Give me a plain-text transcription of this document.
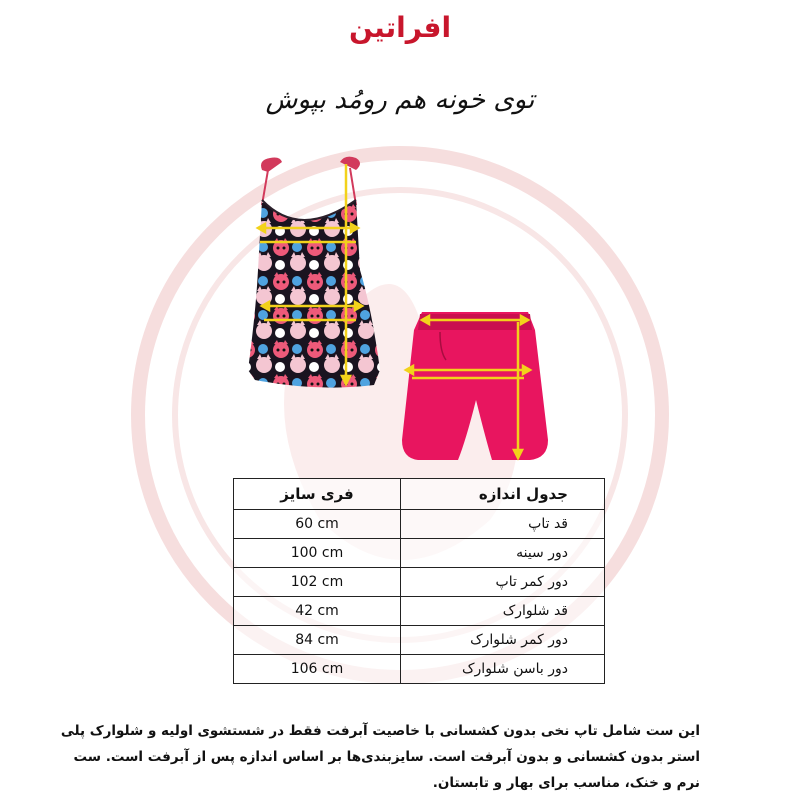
افراتین
توی خونه هم رومُد بپوش
فری سایز	جدول اندازه
60 cm	قد تاپ
100 cm	دور سینه
102 cm	دور کمر تاپ
42 cm	قد شلوارک
84 cm	دور کمر شلوارک
106 cm	دور باسن شلوارک
این ست شامل تاپ نخی بدون کشسانی با خاصیت آبرفت فقط در شستشوی اولیه و شلوارک پلی استر بدون کشسانی و بدون آبرفت است. سایزبندی‌ها بر اساس اندازه پس از آبرفت است. ست نرم و خنک، مناسب برای بهار و تابستان.
